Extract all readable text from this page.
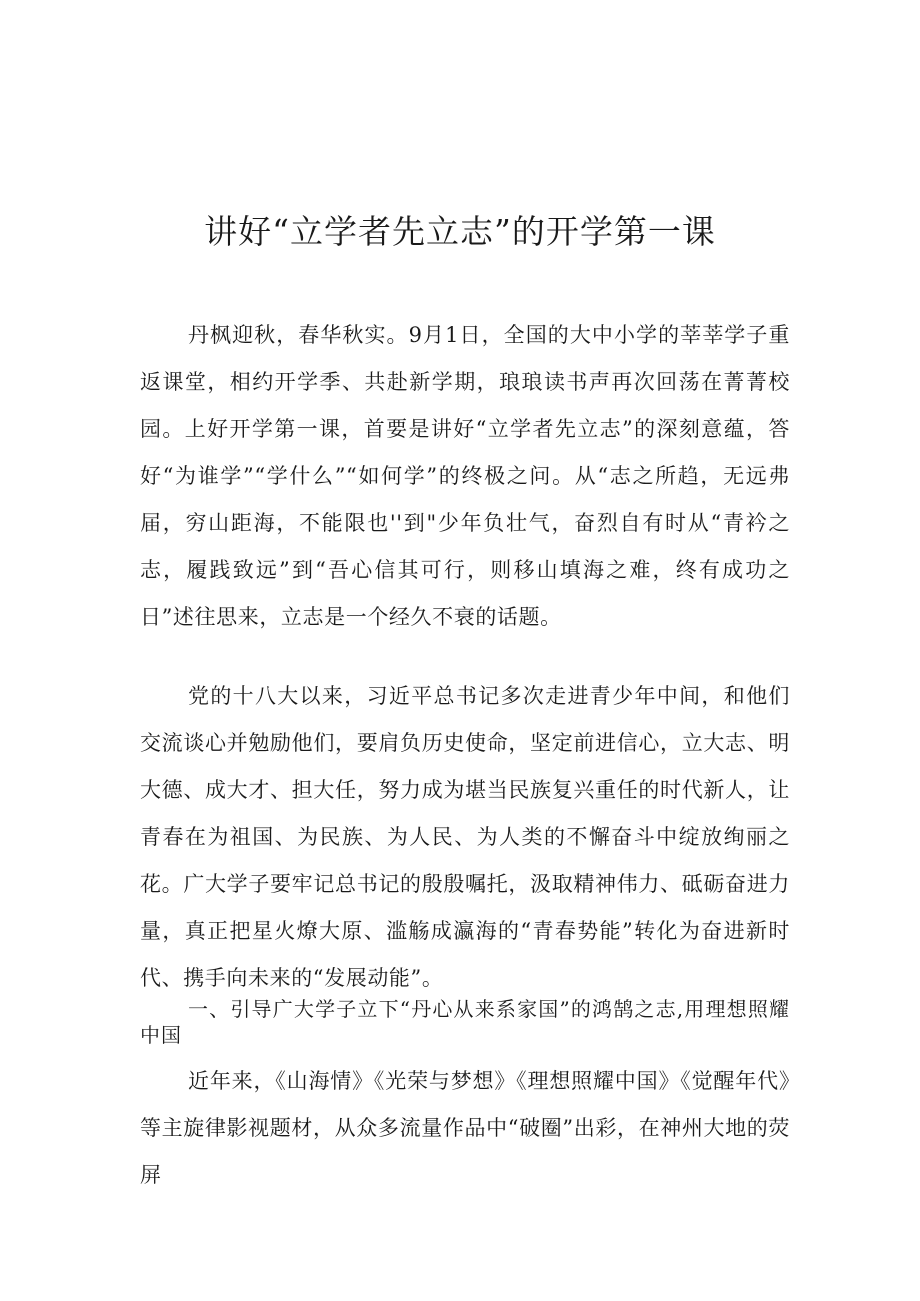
讲好“立学者先立志”的开学第一课

丹枫迎秋，春华秋实。9月1日，全国的大中小学的莘莘学子重返课堂，相约开学季、共赴新学期，琅琅读书声再次回荡在菁菁校园。上好开学第一课，首要是讲好“立学者先立志”的深刻意蕴，答好“为谁学”“学什么”“如何学”的终极之问。从“志之所趋，无远弗届，穷山距海，不能限也''到"少年负壮气，奋烈自有时从“青衿之志，履践致远”到“吾心信其可行，则移山填海之难，终有成功之日”述往思来，立志是一个经久不衰的话题。

党的十八大以来，习近平总书记多次走进青少年中间，和他们交流谈心并勉励他们，要肩负历史使命，坚定前进信心，立大志、明大德、成大才、担大任，努力成为堪当民族复兴重任的时代新人，让青春在为祖国、为民族、为人民、为人类的不懈奋斗中绽放绚丽之花。广大学子要牢记总书记的殷殷嘱托，汲取精神伟力、砥砺奋进力量，真正把星火燎大原、滥觞成瀛海的“青春势能”转化为奋进新时代、携手向未来的“发展动能”。

一、引导广大学子立下“丹心从来系家国”的鸿鹄之志,用理想照耀中国

近年来，《山海情》《光荣与梦想》《理想照耀中国》《觉醒年代》等主旋律影视题材，从众多流量作品中“破圈”出彩，在神州大地的荧屏
